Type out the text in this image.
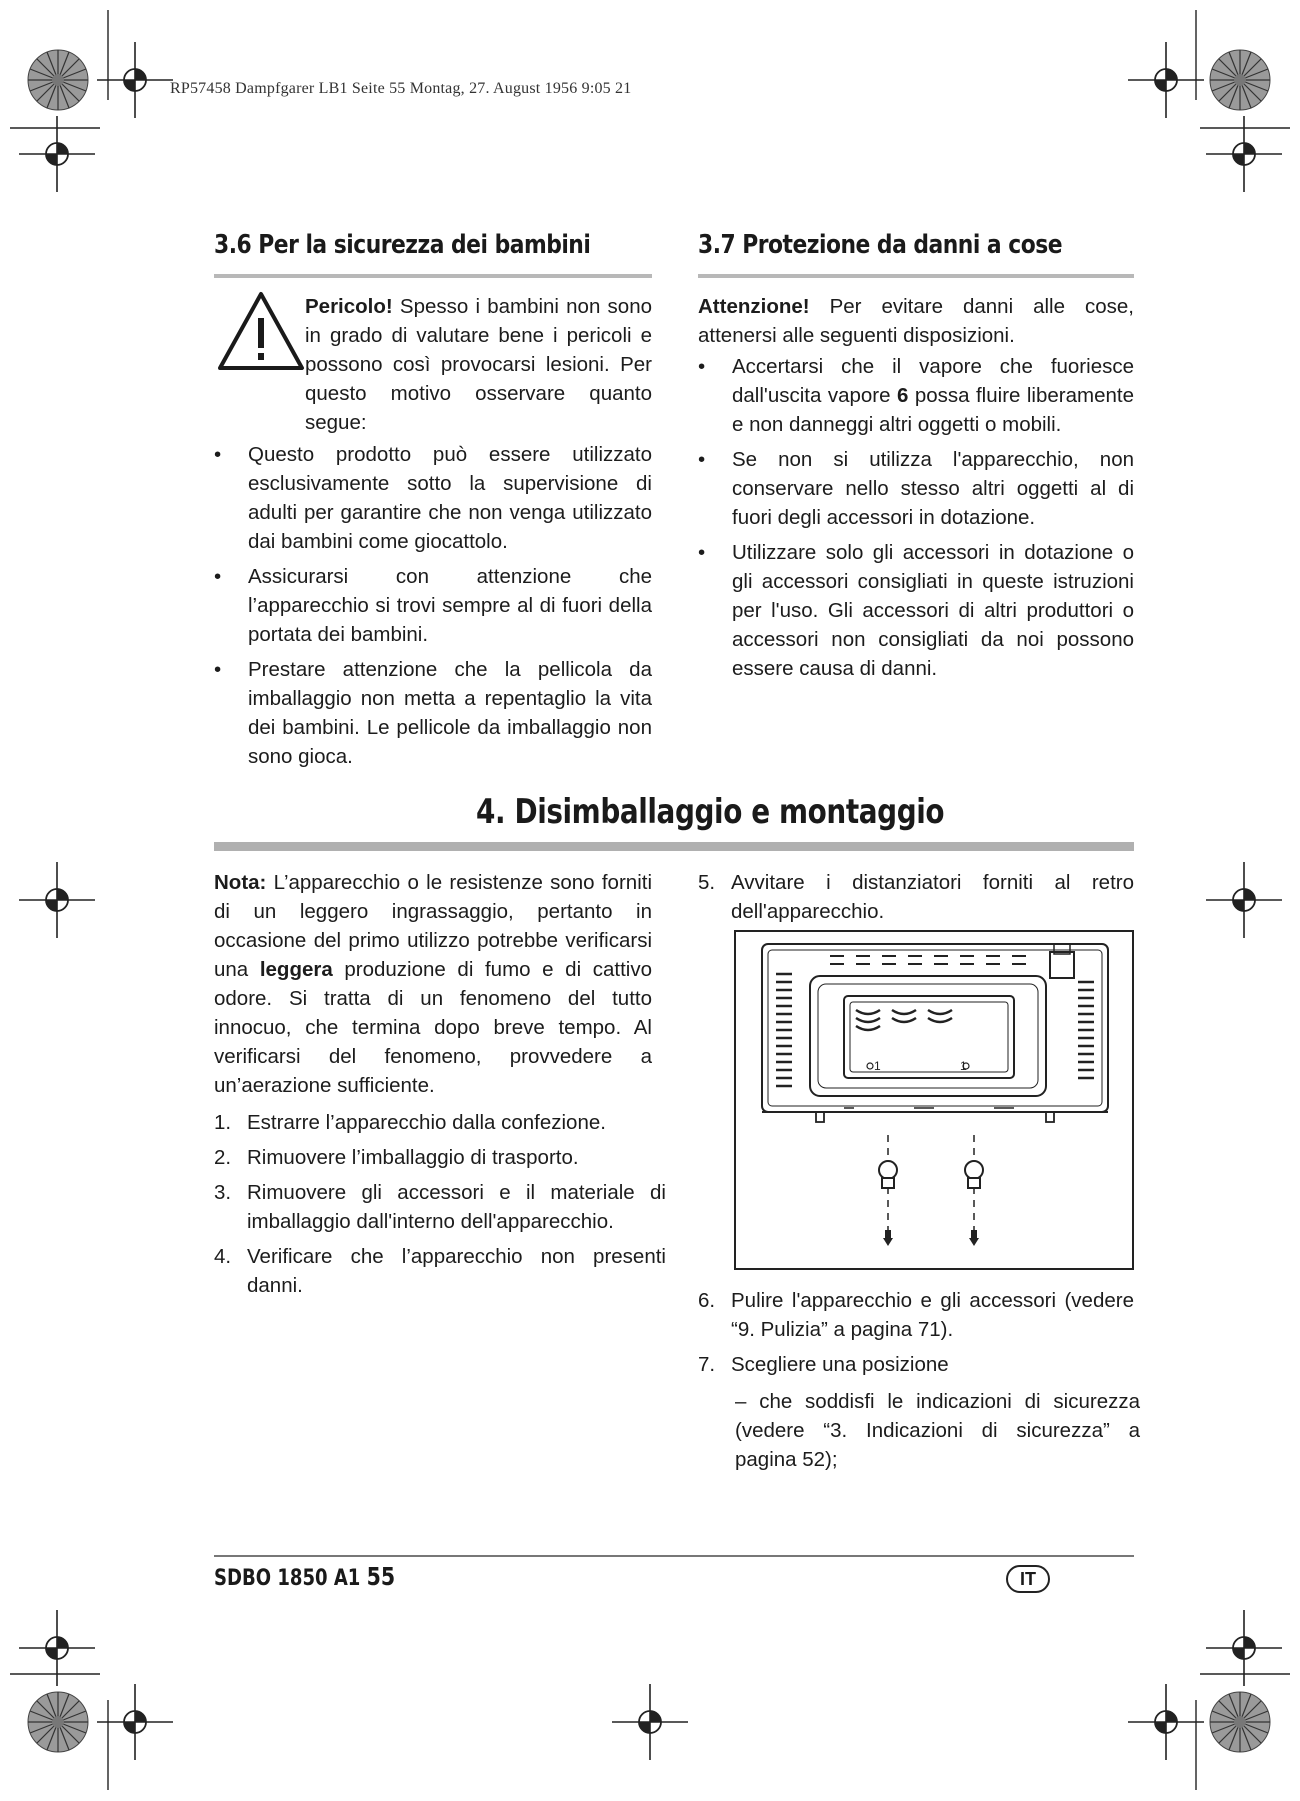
RP57458 Dampfgarer LB1 Seite 55 Montag, 27. August 1956 9:05 21
3.6 Per la sicurezza dei bambini
Pericolo! Spesso i bambini non sono in grado di valutare bene i pericoli e possono così provocarsi lesioni. Per questo motivo osservare quanto segue:
•	Questo prodotto può essere utilizzato esclusivamente sotto la supervisione di adulti per garantire che non venga utilizzato dai bambini come giocattolo.
•	Assicurarsi con attenzione che l’apparecchio si trovi sempre al di fuori della portata dei bambini.
•	Prestare attenzione che la pellicola da imballaggio non metta a repentaglio la vita dei bambini. Le pellicole da imballaggio non sono gioca.
3.7 Protezione da danni a cose
Attenzione! Per evitare danni alle cose, attenersi alle seguenti disposizioni.
•	Accertarsi che il vapore che fuoriesce dall'uscita vapore 6 possa fluire liberamente e non danneggi altri oggetti o mobili.
•	Se non si utilizza l'apparecchio, non conservare nello stesso altri oggetti al di fuori degli accessori in dotazione.
•	Utilizzare solo gli accessori in dotazione o gli accessori consigliati in queste istruzioni per l'uso. Gli accessori di altri produttori o accessori non consigliati da noi possono essere causa di danni.
4. Disimballaggio e montaggio
Nota: L’apparecchio o le resistenze sono forniti di un leggero ingrassaggio, pertanto in occasione del primo utilizzo potrebbe verificarsi una leggera produzione di fumo e di cattivo odore. Si tratta di un fenomeno del tutto innocuo, che termina dopo breve tempo. Al verificarsi del fenomeno, provvedere a un’aerazione sufficiente.
1. Estrarre l’apparecchio dalla confezione.
2. Rimuovere l’imballaggio di trasporto.
3. Rimuovere gli accessori e il materiale di imballaggio dall'interno dell'apparecchio.
4. Verificare che l’apparecchio non presenti danni.
5. Avvitare i distanziatori forniti al retro dell'apparecchio.
1	1
6. Pulire l'apparecchio e gli accessori (vedere “9. Pulizia” a pagina 71).
7. Scegliere una posizione
– che soddisfi le indicazioni di sicurezza (vedere “3. Indicazioni di sicurezza” a pagina 52);
SDBO 1850 A1 55	IT
